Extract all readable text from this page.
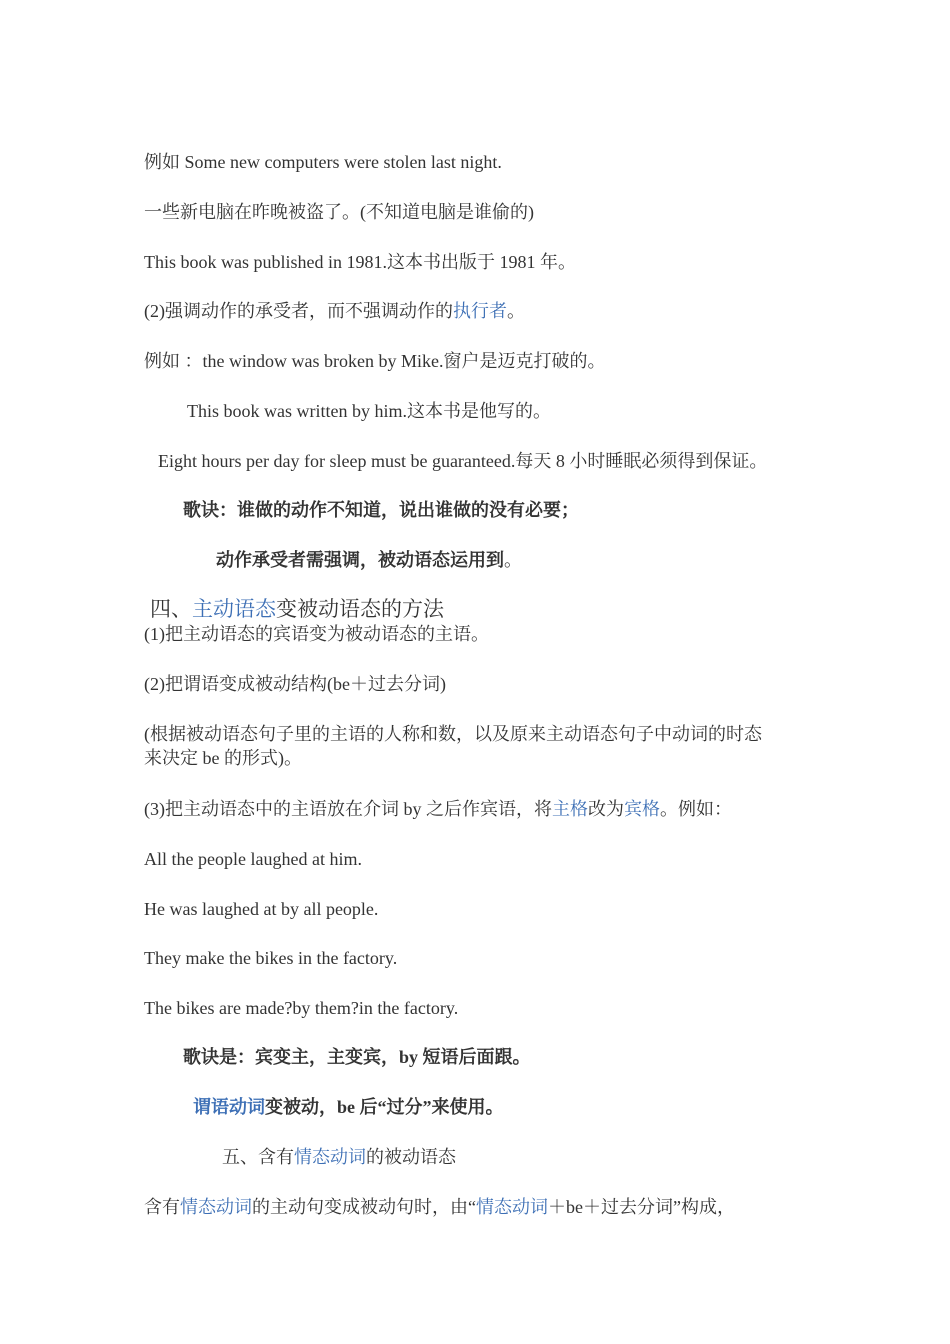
例如 Some new computers were stolen last night.
一些新电脑在昨晚被盗了。(不知道电脑是谁偷的)
This book was published in 1981.这本书出版于 1981 年。
(2)强调动作的承受者，而不强调动作的执行者。
例如 ：the window was broken by Mike.窗户是迈克打破的。
This book was written by him.这本书是他写的。
Eight hours per day for sleep must be guaranteed.每天 8 小时睡眠必须得到保证。
歌诀：谁做的动作不知道，说出谁做的没有必要；
动作承受者需强调，被动语态运用到。
四、主动语态变被动语态的方法
(1)把主动语态的宾语变为被动语态的主语。
(2)把谓语变成被动结构(be＋过去分词)
(根据被动语态句子里的主语的人称和数，以及原来主动语态句子中动词的时态
来决定 be 的形式)。
(3)把主动语态中的主语放在介词 by 之后作宾语，将主格改为宾格。例如：
All the people laughed at him.
He was laughed at by all people.
They make the bikes in the factory.
The bikes are made?by them?in the factory.
歌诀是：宾变主，主变宾，by 短语后面跟。
谓语动词变被动，be 后“过分”来使用。
五、含有情态动词的被动语态
含有情态动词的主动句变成被动句时，由“情态动词＋be＋过去分词”构成，
